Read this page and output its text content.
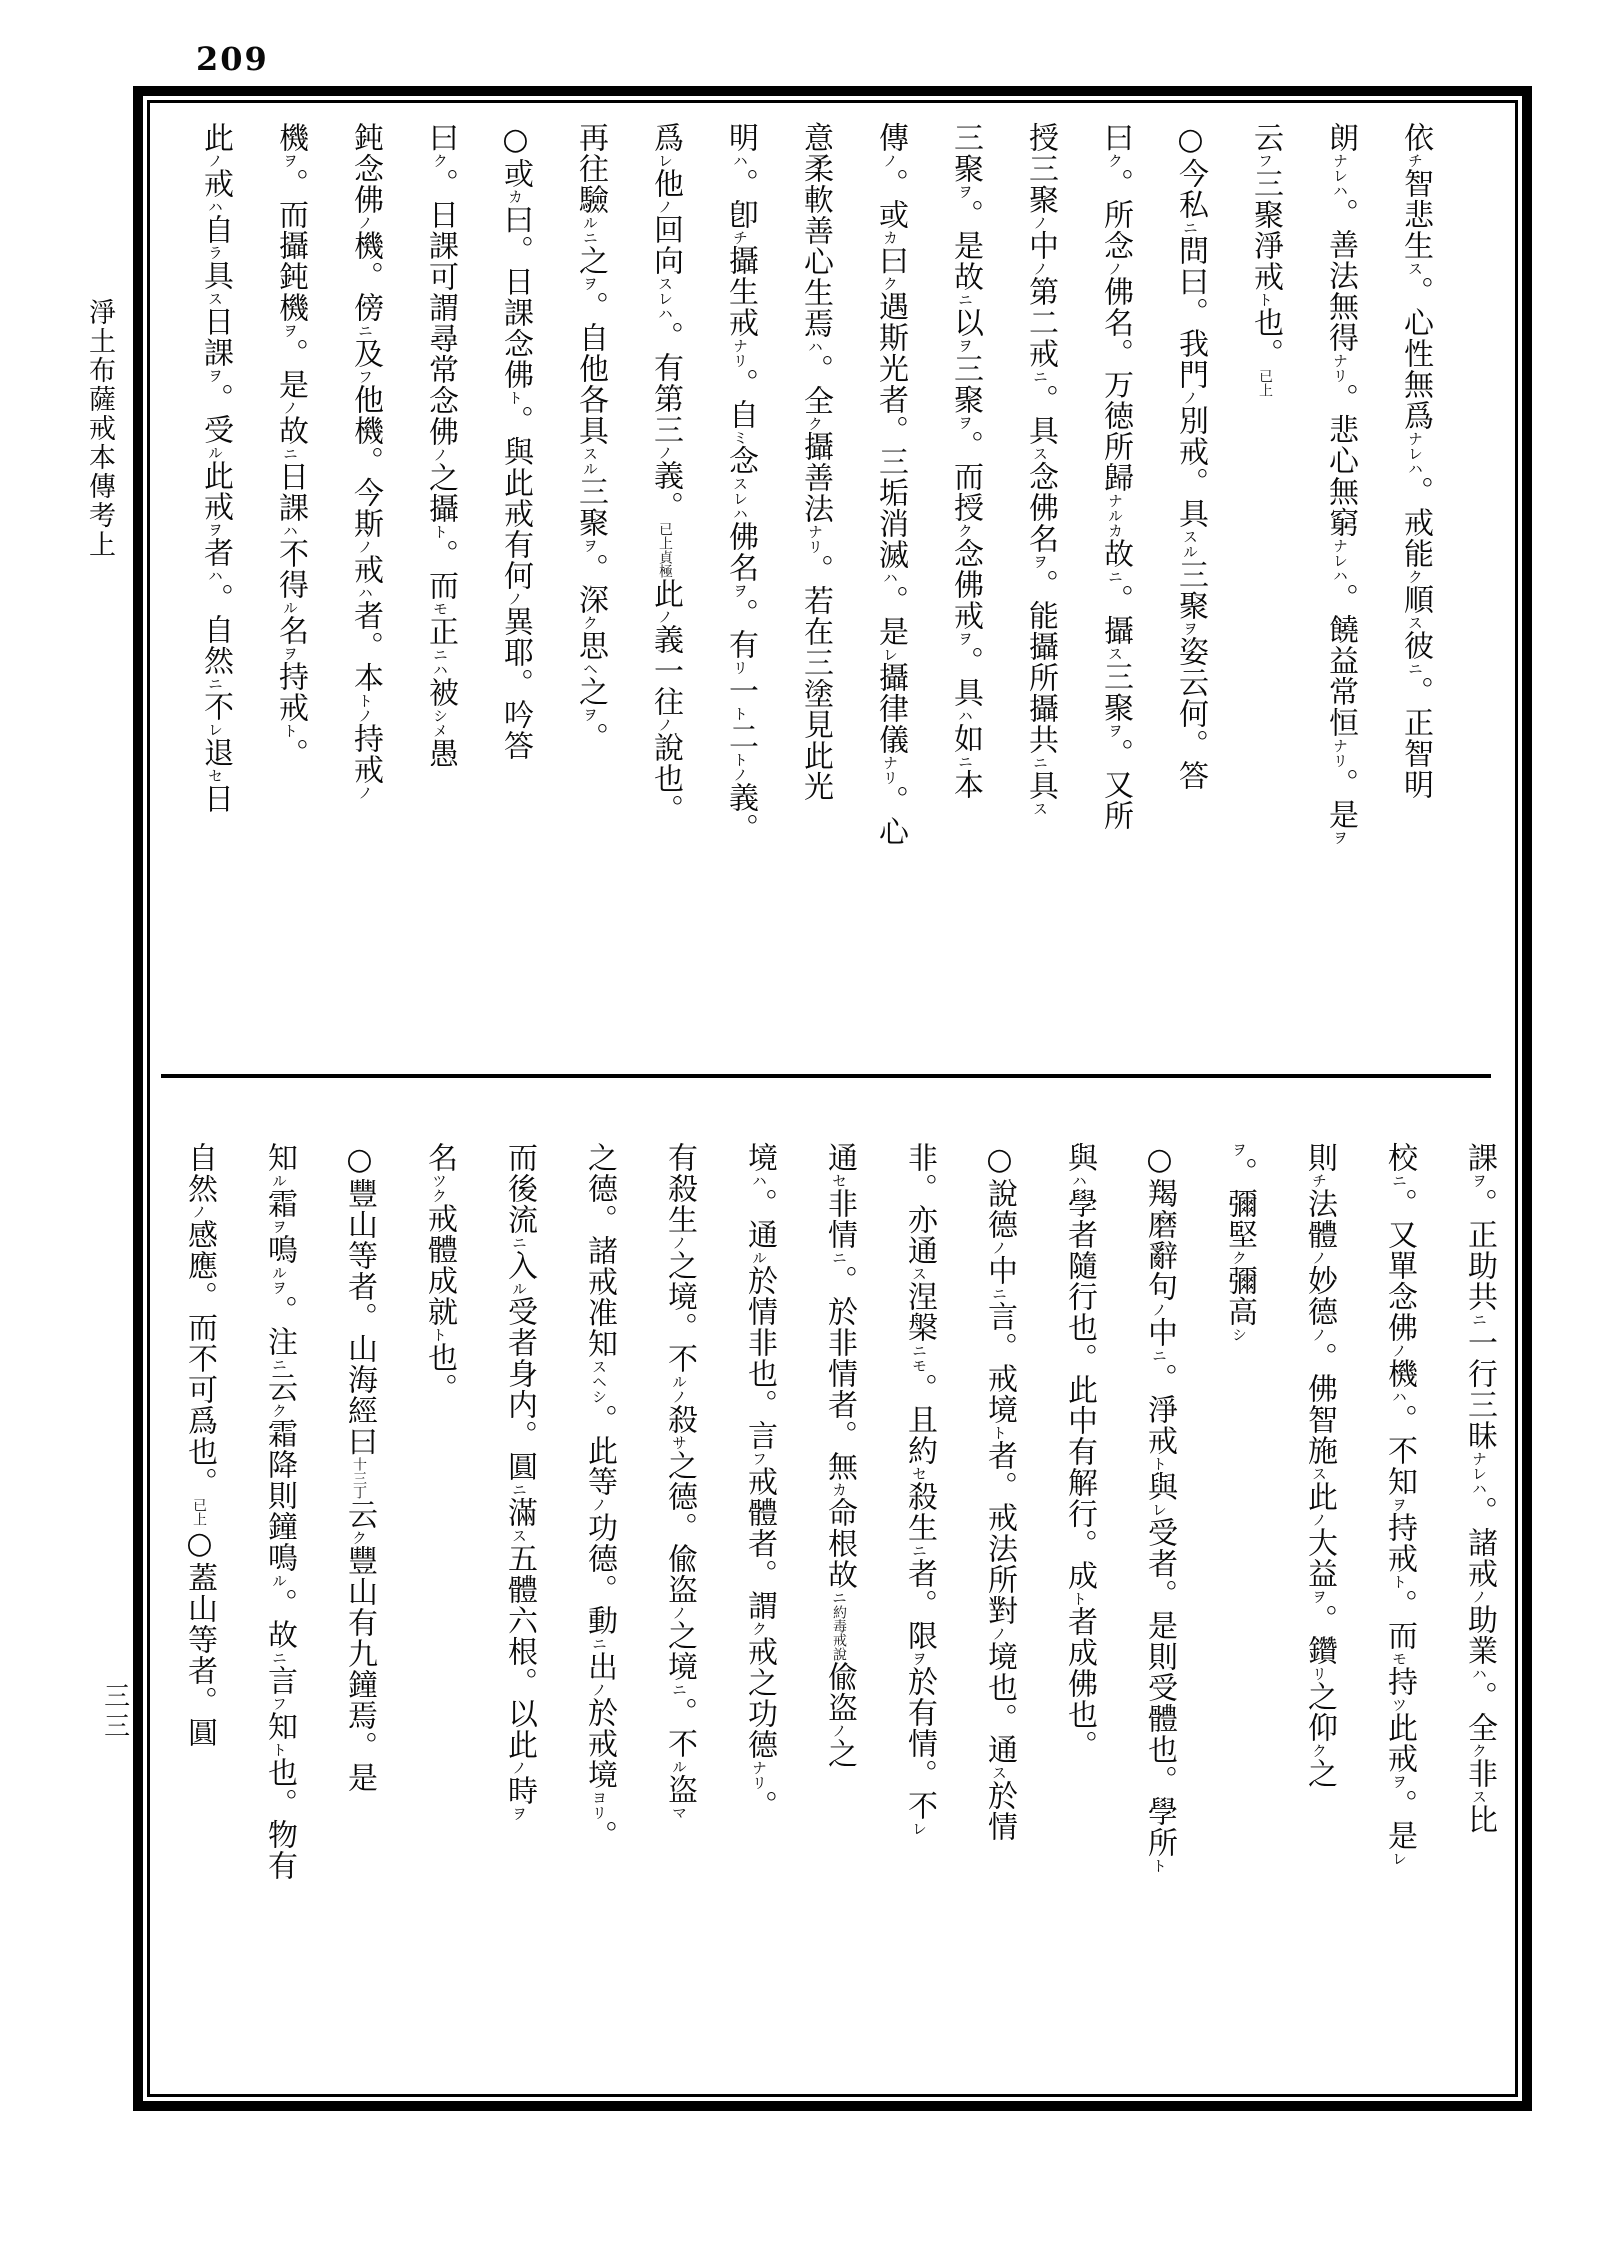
209
淨土布薩戒本傳考上
三三
依チ智悲生ス。心性無爲ナレハ。戒能ク順ス彼ニ。正智明
朗ナレハ。善法無得ナリ。悲心無窮ナレハ。饒益常恒ナリ。是ヲ
云フ三聚淨戒ト也。已上
○今私ニ問曰。我門ノ別戒。具スル三聚ヲ姿云何。答
曰ク。所念ノ佛名。万徳所歸ナルカ故ニ。攝ス三聚ヲ。又所
授三聚ノ中ノ第二戒ニ。具ス念佛名ヲ。能攝所攝共ニ具ス
三聚ヲ。是故ニ以ヲ三聚ヲ。而授ク念佛戒ヲ。具ハ如ニ本
傳ノ。或カ曰ク遇斯光者。三垢消滅ハ。是レ攝律儀ナリ。心
意柔軟善心生焉ハ。全ク攝善法ナリ。若在三塗見此光
明ハ。卽チ攝生戒ナリ。自ミ念スレハ佛名ヲ。有リ一ト二トノ義。
爲レ他ノ回向スレハ。有第三ノ義。已上貞極此ノ義一往ノ說也。
再往驗ルニ之ヲ。自他各具スル三聚ヲ。深ク思ヘ之ヲ。
○或カ曰。日課念佛ト。與此戒有何ノ異耶。吟答
曰ク。日課可謂尋常念佛ノ之攝ト。而モ正ニハ被シメ愚
鈍念佛ノ機。傍ニ及フ他機。今斯ノ戒ハ者。本トノ持戒ノ
機ヲ。而攝鈍機ヲ。是ノ故ニ日課ハ不得ル名ヲ持戒ト。
此ノ戒ハ自ラ具ス日課ヲ。受ル此戒ヲ者ハ。自然ニ不レ退セ日
課ヲ。正助共ニ一行三昧ナレハ。諸戒ノ助業ハ。全ク非ス比
校ニ。又單念佛ノ機ハ。不知ヲ持戒ト。而モ持ツ此戒ヲ。是レ
則チ法體ノ妙德ノ。佛智施ス此ノ大益ヲ。鑽リ之仰ク之
ヲ。彌堅ク彌高シ
○羯磨辭句ノ中ニ。淨戒ト與レ受者。是則受體也。學所ト
與ハ學者隨行也。此中有解行。成ト者成佛也。
○說德ノ中ニ言。戒境ト者。戒法所對ノ境也。通ス於情
非。亦通ス涅槃ニモ。且約セ殺生ニ者。限ヲ於有情。不レ
通セ非情ニ。於非情者。無カ命根故ニ約毒戒說偸盗ノ之
境ハ。通ル於情非也。言フ戒體者。謂ク戒之功德ナリ。
有殺生ノ之境。不ルノ殺サ之德。偸盗ノ之境ニ。不ル盗マ
之德。諸戒准知スヘシ。此等ノ功德。動ニ出ノ於戒境ヨリ。
而後流ニ入ル受者身内。圓ニ滿ス五體六根。以此ノ時ヲ
名ツク戒體成就ト也。
○豐山等者。山海經曰十三丁云ク豐山有九鐘焉。是
知ル霜ヲ鳴ルヲ。注ニ云ク霜降則鐘鳴ル。故ニ言フ知ト也。物有
自然ノ感應。而不可爲也。已上○蓋山等者。圓
